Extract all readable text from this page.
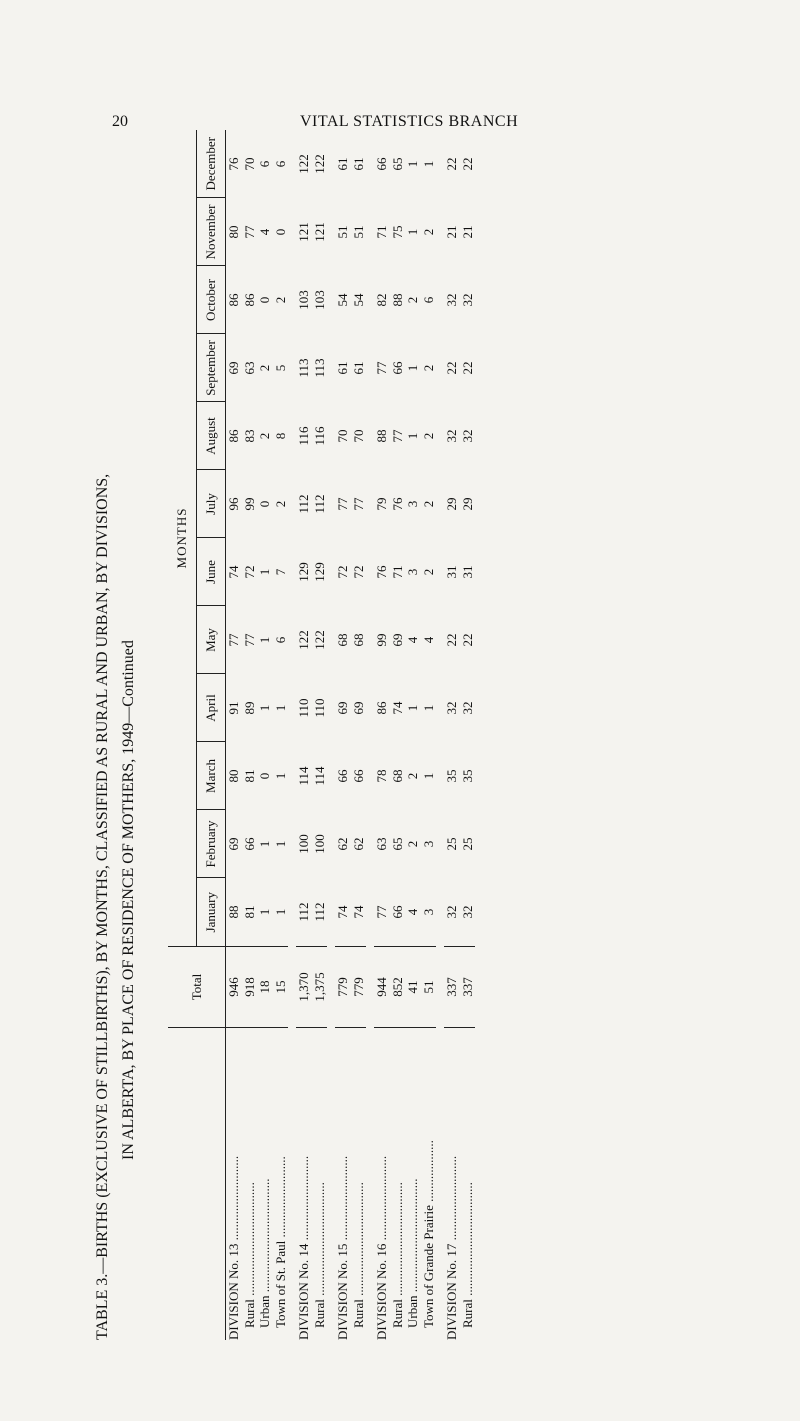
20	VITAL STATISTICS BRANCH
TABLE 3.—BIRTHS (EXCLUSIVE OF STILLBIRTHS), BY MONTHS, CLASSIFIED AS RURAL AND URBAN, BY DIVISIONS, IN ALBERTA, BY PLACE OF RESIDENCE OF MOTHERS, 1949—Continued
		Total	MONTHS											
		January	February	March	April	May	June	July	August	September	October	November	December
DIVISION No. 13 ..........................	946	88	69	80	91	77	74	96	86	69	86	80	76
Rural ...................................	918	81	66	81	89	77	72	99	83	63	86	77	70
Urban ...................................	18	1	1	0	1	1	1	0	2	2	0	4	6
Town of St. Paul .........................	15	1	1	1	1	6	7	2	8	5	2	0	6

DIVISION No. 14 ..........................	1,370	112	100	114	110	122	129	112	116	113	103	121	122
Rural ...................................	1,375	112	100	114	110	122	129	112	116	113	103	121	122

DIVISION No. 15 ..........................	779	74	62	66	69	68	72	77	70	61	54	51	61
Rural ...................................	779	74	62	66	69	68	72	77	70	61	54	51	61

DIVISION No. 16 ..........................	944	77	63	78	86	99	76	79	88	77	82	71	66
Rural ...................................	852	66	65	68	74	69	71	76	77	66	88	75	65
Urban ...................................	41	4	2	2	1	4	3	3	1	1	2	1	1
Town of Grande Prairie ...................	51	3	3	1	1	4	2	2	2	2	6	2	1

DIVISION No. 17 ..........................	337	32	25	35	32	22	31	29	32	22	32	21	22
Rural ...................................	337	32	25	35	32	22	31	29	32	22	32	21	22
